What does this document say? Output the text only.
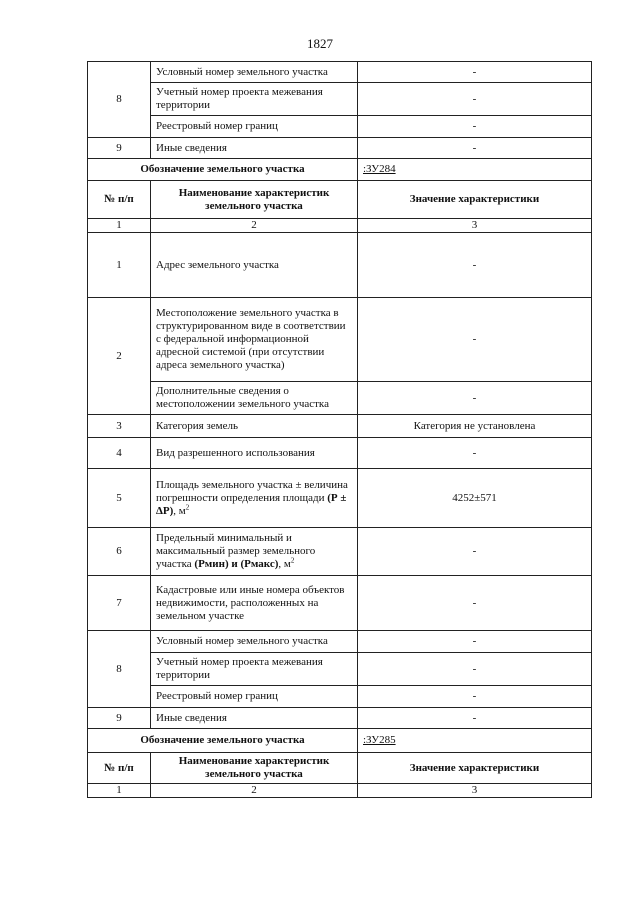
1827
8	Условный номер земельного участка	-
	Учетный номер проекта межевания территории	-
	Реестровый номер границ	-
9	Иные сведения	-
Обозначение земельного участка		:ЗУ284
№ п/п	Наименование характеристик земельного участка	Значение характеристики
1	2	3
1	Адрес земельного участка	-
2	Местоположение земельного участка в структурированном виде в соответствии с федеральной информационной адресной системой (при отсутствии адреса земельного участка)	-
	Дополнительные сведения о местоположении земельного участка	-
3	Категория земель	Категория не установлена
4	Вид разрешенного использования	-
5	Площадь земельного участка ± величина погрешности определения площади (Р ± ΔР), $м^2$	4252±571
6	Предельный минимальный и максимальный размер земельного участка (Рмин) и (Рмакс), $м^2$	-
7	Кадастровые или иные номера объектов недвижимости, расположенных на земельном участке	-
8	Условный номер земельного участка	-
	Учетный номер проекта межевания территории	-
	Реестровый номер границ	-
9	Иные сведения	-
Обозначение земельного участка		:ЗУ285
№ п/п	Наименование характеристик земельного участка	Значение характеристики
1	2	3
